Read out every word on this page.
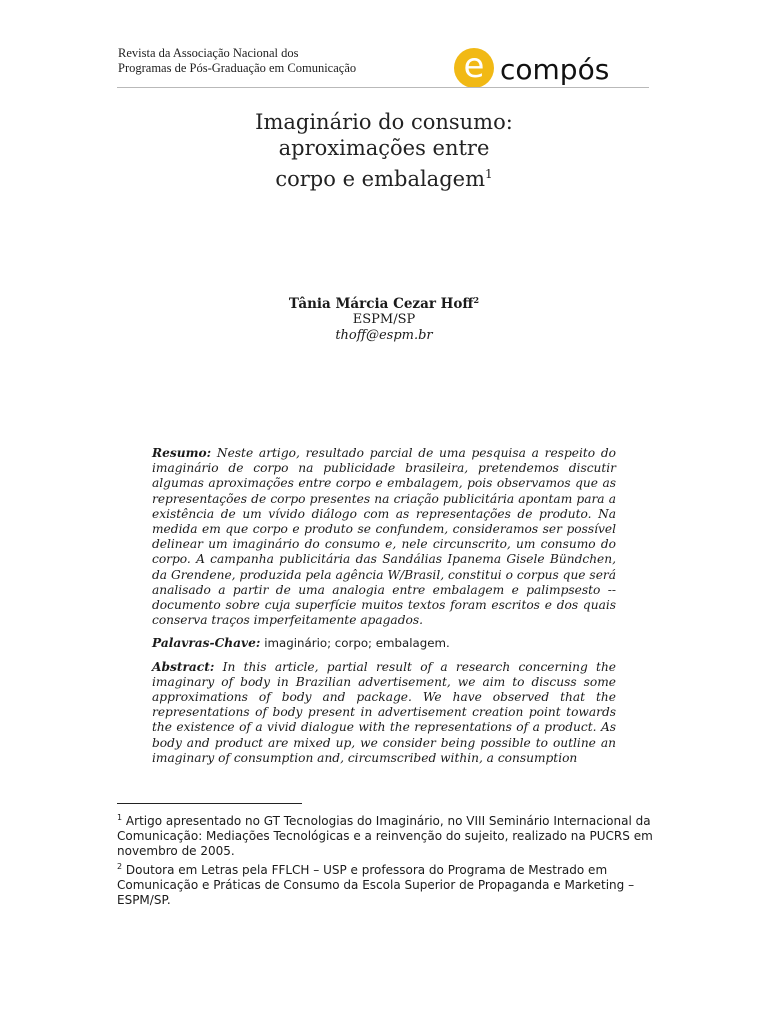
Revista da Associação Nacional dos
Programas de Pós-Graduação em Comunicação	e compós
Imaginário do consumo:
aproximações entre
corpo e embalagem$^1$
Tânia Márcia Cezar Hoff$^2$
ESPM/SP
thoff@espm.br

Resumo: Neste artigo, resultado parcial de uma pesquisa a respeito do imaginário de corpo na publicidade brasileira, pretendemos discutir algumas aproximações entre corpo e embalagem, pois observamos que as representações de corpo presentes na criação publicitária apontam para a existência de um vívido diálogo com as representações de produto. Na medida em que corpo e produto se confundem, consideramos ser possível delinear um imaginário do consumo e, nele circunscrito, um consumo do corpo. A campanha publicitária das Sandálias Ipanema Gisele Bündchen, da Grendene, produzida pela agência W/Brasil, constitui o corpus que será analisado a partir de uma analogia entre embalagem e palimpsesto -- documento sobre cuja superfície muitos textos foram escritos e dos quais conserva traços imperfeitamente apagados.

Palavras-Chave: imaginário; corpo; embalagem.

Abstract: In this article, partial result of a research concerning the imaginary of body in Brazilian advertisement, we aim to discuss some approximations of body and package. We have observed that the representations of body present in advertisement creation point towards the existence of a vivid dialogue with the representations of a product. As body and product are mixed up, we consider being possible to outline an imaginary of consumption and, circumscribed within, a consumption

$^1$ Artigo apresentado no GT Tecnologias do Imaginário, no VIII Seminário Internacional da Comunicação: Mediações Tecnológicas e a reinvenção do sujeito, realizado na PUCRS em novembro de 2005.

$^2$ Doutora em Letras pela FFLCH – USP e professora do Programa de Mestrado em Comunicação e Práticas de Consumo da Escola Superior de Propaganda e Marketing – ESPM/SP.
